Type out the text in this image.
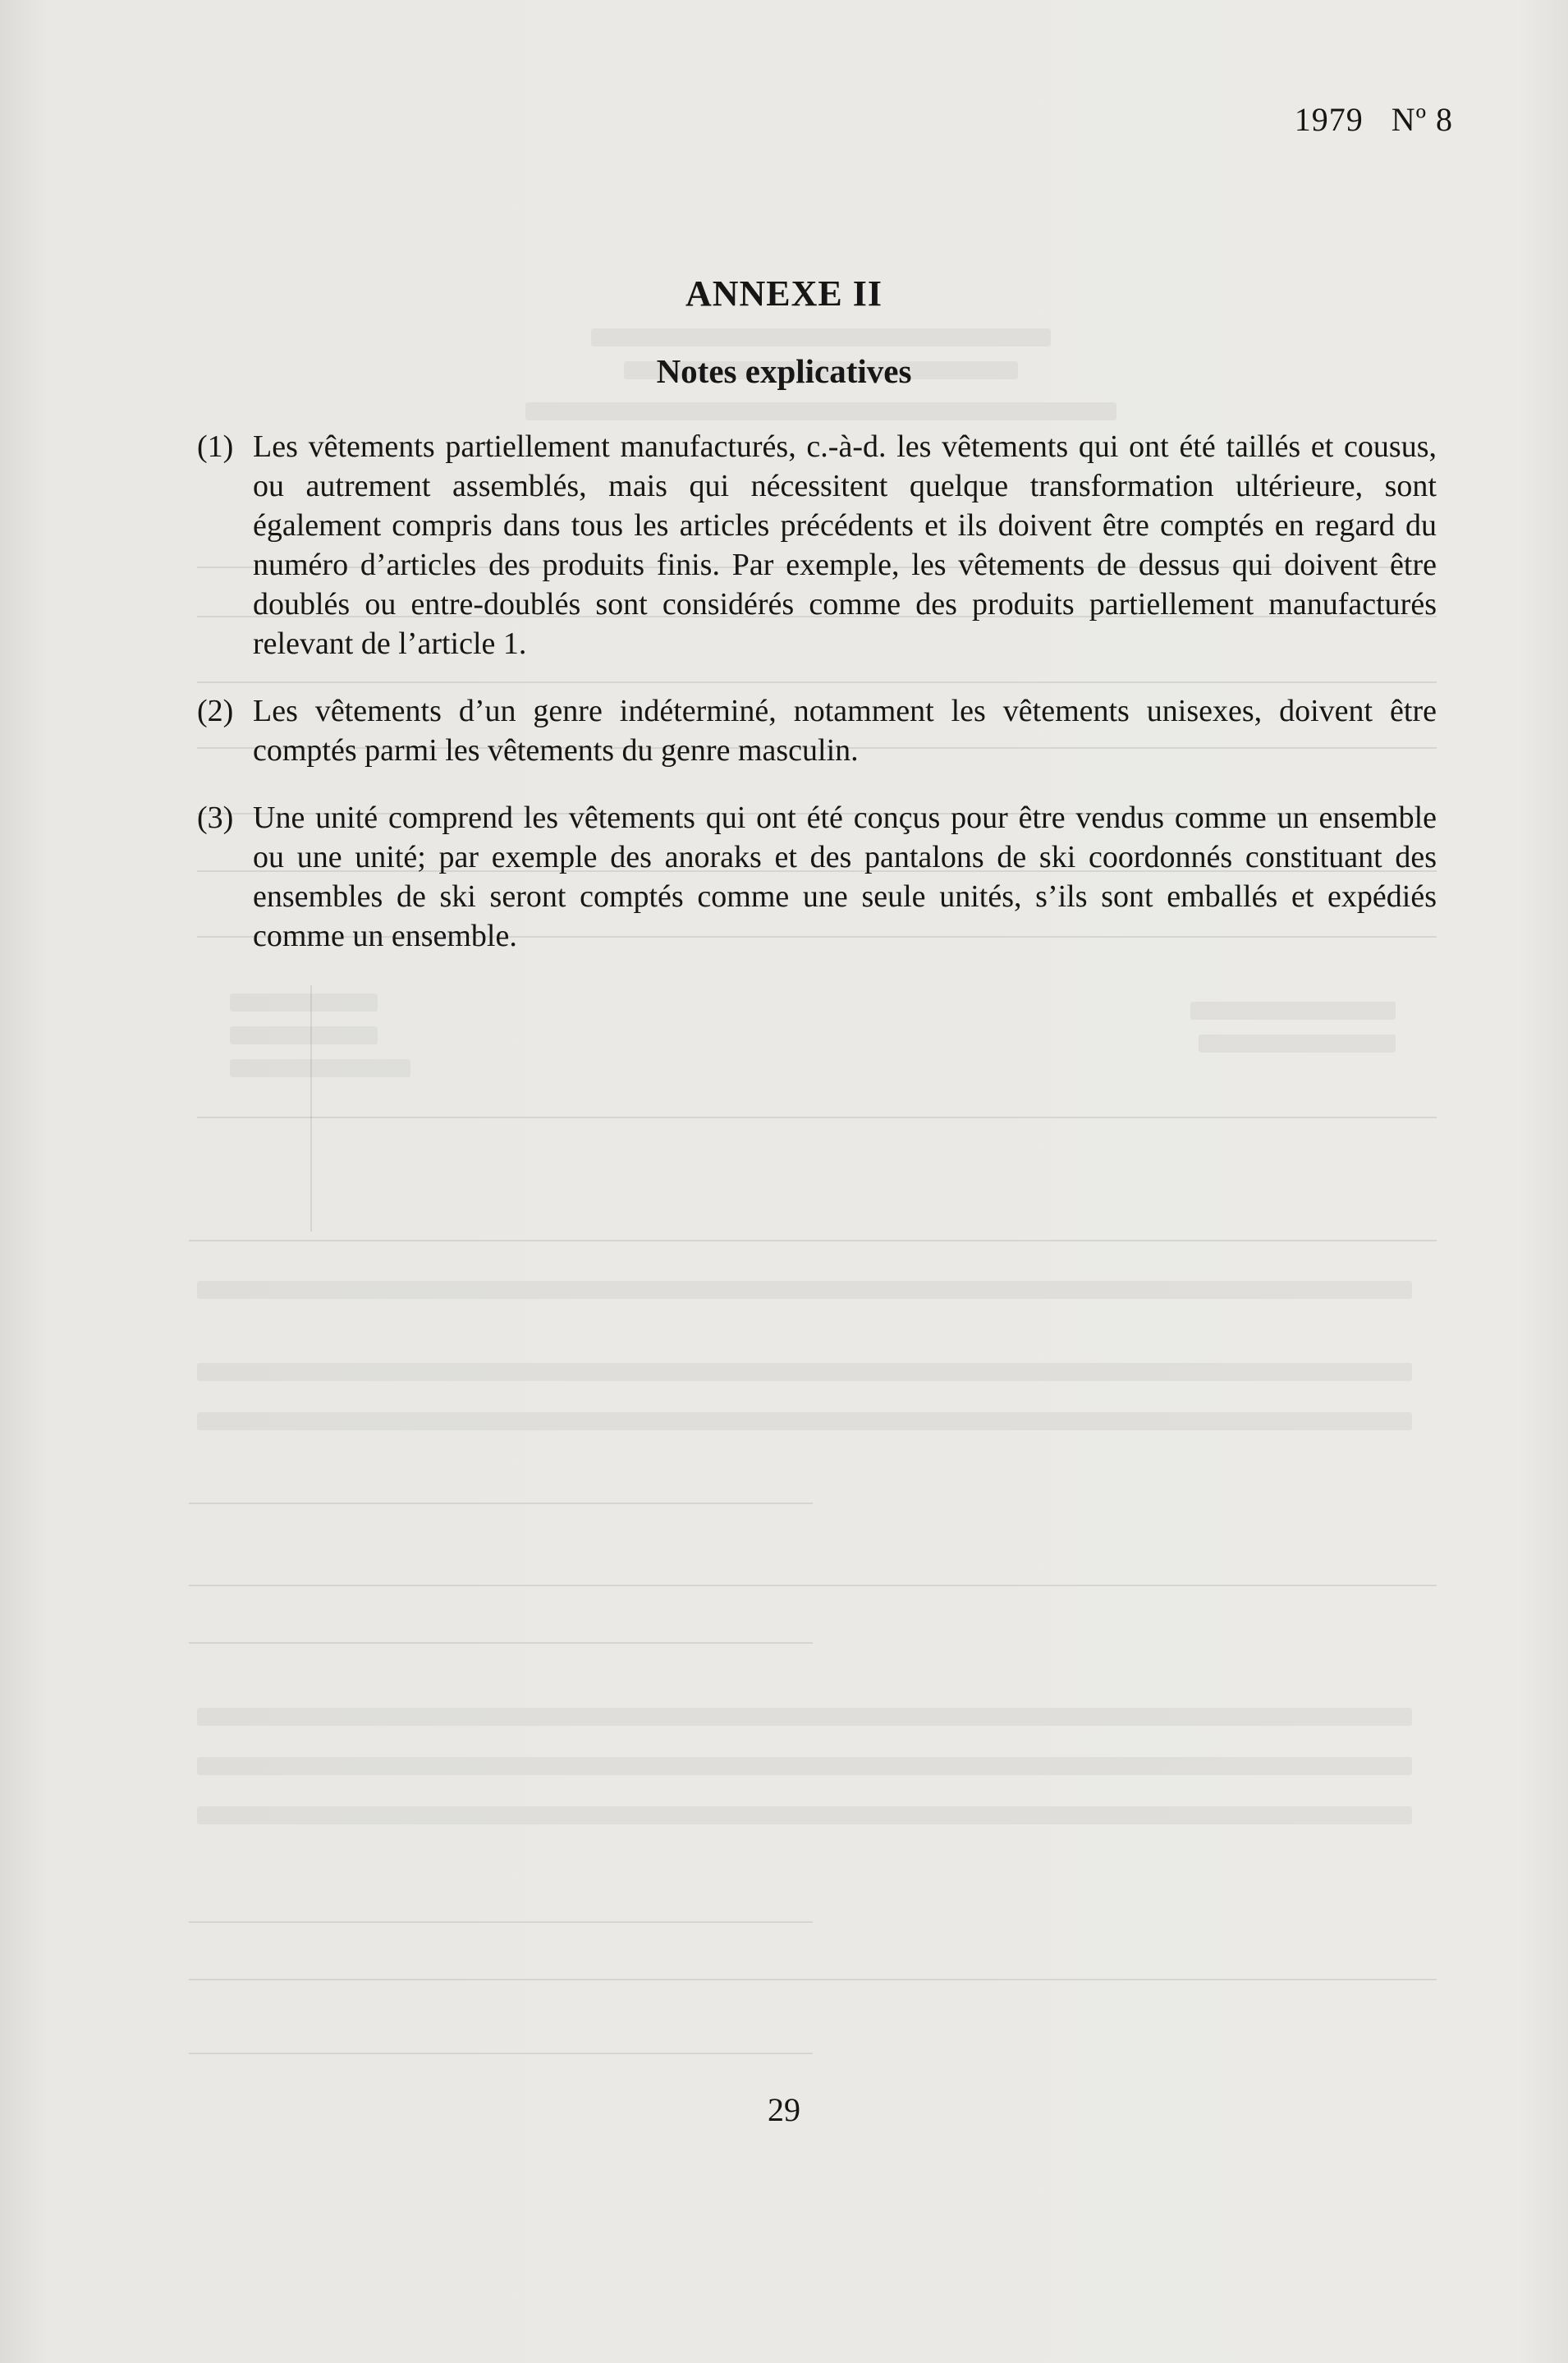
1979 Nº 8
ANNEXE II
Notes explicatives
(1) Les vêtements partiellement manufacturés, c.-à-d. les vêtements qui ont été taillés et cousus, ou autrement assemblés, mais qui nécessitent quelque transformation ultérieure, sont également compris dans tous les articles précédents et ils doivent être comptés en regard du numéro d’articles des produits finis. Par exemple, les vêtements de dessus qui doivent être doublés ou entre-doublés sont considérés comme des produits partiellement manufacturés relevant de l’article 1.
(2) Les vêtements d’un genre indéterminé, notamment les vêtements unisexes, doivent être comptés parmi les vêtements du genre masculin.
(3) Une unité comprend les vêtements qui ont été conçus pour être vendus comme un ensemble ou une unité; par exemple des anoraks et des pantalons de ski coordonnés constituant des ensembles de ski seront comptés comme une seule unités, s’ils sont emballés et expédiés comme un ensemble.
29
